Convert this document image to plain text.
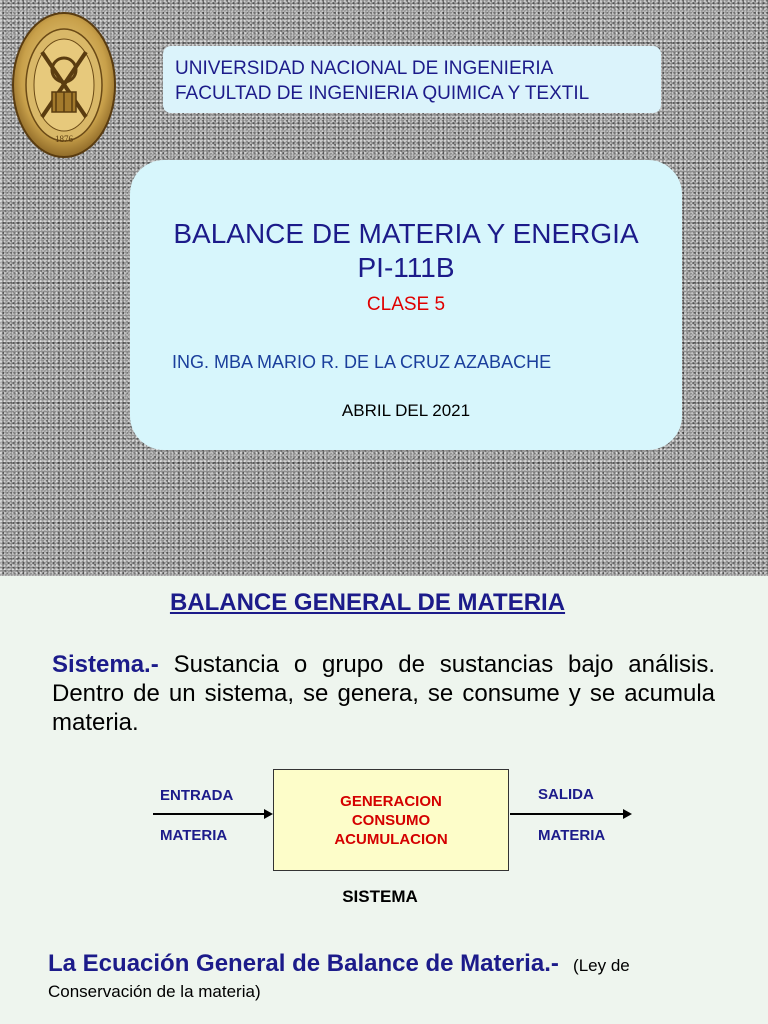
1876
UNIVERSIDAD NACIONAL DE INGENIERIA
FACULTAD DE INGENIERIA QUIMICA Y TEXTIL
BALANCE DE MATERIA Y ENERGIA
PI-111B
CLASE 5
ING. MBA MARIO R. DE LA CRUZ AZABACHE
ABRIL DEL 2021
BALANCE GENERAL DE MATERIA
Sistema.- Sustancia o grupo de sustancias bajo análisis. Dentro de un sistema, se genera, se consume y se acumula materia.
ENTRADA
MATERIA
GENERACION
CONSUMO
ACUMULACION
SALIDA
MATERIA
SISTEMA
La Ecuación General de Balance de Materia.- (Ley de Conservación de la materia)
